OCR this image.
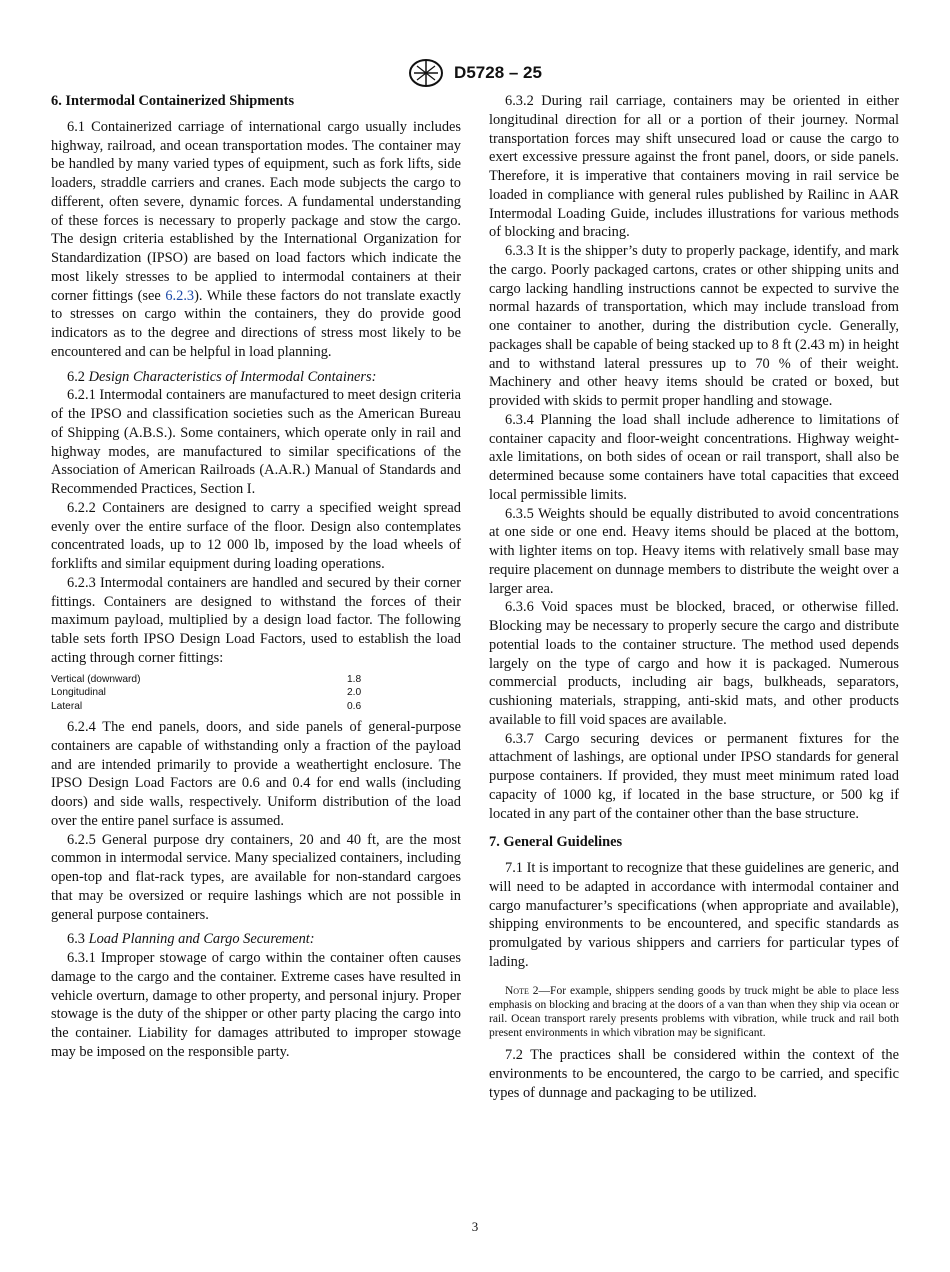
D5728 – 25
6. Intermodal Containerized Shipments

6.1 Containerized carriage of international cargo usually includes highway, railroad, and ocean transportation modes. The container may be handled by many varied types of equipment, such as fork lifts, side loaders, straddle carriers and cranes. Each mode subjects the cargo to different, often severe, dynamic forces. A fundamental understanding of these forces is necessary to properly package and stow the cargo. The design criteria established by the International Organization for Standardization (IPSO) are based on load factors which indicate the most likely stresses to be applied to intermodal containers at their corner fittings (see 6.2.3). While these factors do not translate exactly to stresses on cargo within the containers, they do provide good indicators as to the degree and directions of stress most likely to be encountered and can be helpful in load planning.

6.2 Design Characteristics of Intermodal Containers:

6.2.1 Intermodal containers are manufactured to meet design criteria of the IPSO and classification societies such as the American Bureau of Shipping (A.B.S.). Some containers, which operate only in rail and highway modes, are manufactured to similar specifications of the Association of American Railroads (A.A.R.) Manual of Standards and Recommended Practices, Section I.

6.2.2 Containers are designed to carry a specified weight spread evenly over the entire surface of the floor. Design also contemplates concentrated loads, up to 12 000 lb, imposed by the load wheels of forklifts and similar equipment during loading operations.

6.2.3 Intermodal containers are handled and secured by their corner fittings. Containers are designed to withstand the forces of their maximum payload, multiplied by a design load factor. The following table sets forth IPSO Design Load Factors, used to establish the load acting through corner fittings:

Vertical (downward)	1.8
Longitudinal	2.0
Lateral	0.6

6.2.4 The end panels, doors, and side panels of general-purpose containers are capable of withstanding only a fraction of the payload and are intended primarily to provide a weathertight enclosure. The IPSO Design Load Factors are 0.6 and 0.4 for end walls (including doors) and side walls, respectively. Uniform distribution of the load over the entire panel surface is assumed.

6.2.5 General purpose dry containers, 20 and 40 ft, are the most common in intermodal service. Many specialized containers, including open-top and flat-rack types, are available for non-standard cargoes that may be oversized or require lashings which are not possible in general purpose containers.

6.3 Load Planning and Cargo Securement:

6.3.1 Improper stowage of cargo within the container often causes damage to the cargo and the container. Extreme cases have resulted in vehicle overturn, damage to other property, and personal injury. Proper stowage is the duty of the shipper or other party placing the cargo into the container. Liability for damages attributed to improper stowage may be imposed on the responsible party.

6.3.2 During rail carriage, containers may be oriented in either longitudinal direction for all or a portion of their journey. Normal transportation forces may shift unsecured load or cause the cargo to exert excessive pressure against the front panel, doors, or side panels. Therefore, it is imperative that containers moving in rail service be loaded in compliance with general rules published by Railinc in AAR Intermodal Loading Guide, includes illustrations for various methods of blocking and bracing.

6.3.3 It is the shipper’s duty to properly package, identify, and mark the cargo. Poorly packaged cartons, crates or other shipping units and cargo lacking handling instructions cannot be expected to survive the normal hazards of transportation, which may include transload from one container to another, during the distribution cycle. Generally, packages shall be capable of being stacked up to 8 ft (2.43 m) in height and to withstand lateral pressures up to 70 % of their weight. Machinery and other heavy items should be crated or boxed, but provided with skids to permit proper handling and stowage.

6.3.4 Planning the load shall include adherence to limitations of container capacity and floor-weight concentrations. Highway weight-axle limitations, on both sides of ocean or rail transport, shall also be determined because some containers have total capacities that exceed local permissible limits.

6.3.5 Weights should be equally distributed to avoid concentrations at one side or one end. Heavy items should be placed at the bottom, with lighter items on top. Heavy items with relatively small base may require placement on dunnage members to distribute the weight over a larger area.

6.3.6 Void spaces must be blocked, braced, or otherwise filled. Blocking may be necessary to properly secure the cargo and distribute potential loads to the container structure. The method used depends largely on the type of cargo and how it is packaged. Numerous commercial products, including air bags, bulkheads, separators, cushioning materials, strapping, anti-skid mats, and other products available to fill void spaces are available.

6.3.7 Cargo securing devices or permanent fixtures for the attachment of lashings, are optional under IPSO standards for general purpose containers. If provided, they must meet minimum rated load capacity of 1000 kg, if located in the base structure, or 500 kg if located in any part of the container other than the base structure.

7. General Guidelines

7.1 It is important to recognize that these guidelines are generic, and will need to be adapted in accordance with intermodal container and cargo manufacturer’s specifications (when appropriate and available), shipping environments to be encountered, and specific standards as promulgated by various shippers and carriers for particular types of lading.

Note 2—For example, shippers sending goods by truck might be able to place less emphasis on blocking and bracing at the doors of a van than when they ship via ocean or rail. Ocean transport rarely presents problems with vibration, while truck and rail both present environments in which vibration may be significant.

7.2 The practices shall be considered within the context of the environments to be encountered, the cargo to be carried, and specific types of dunnage and packaging to be utilized.

3
